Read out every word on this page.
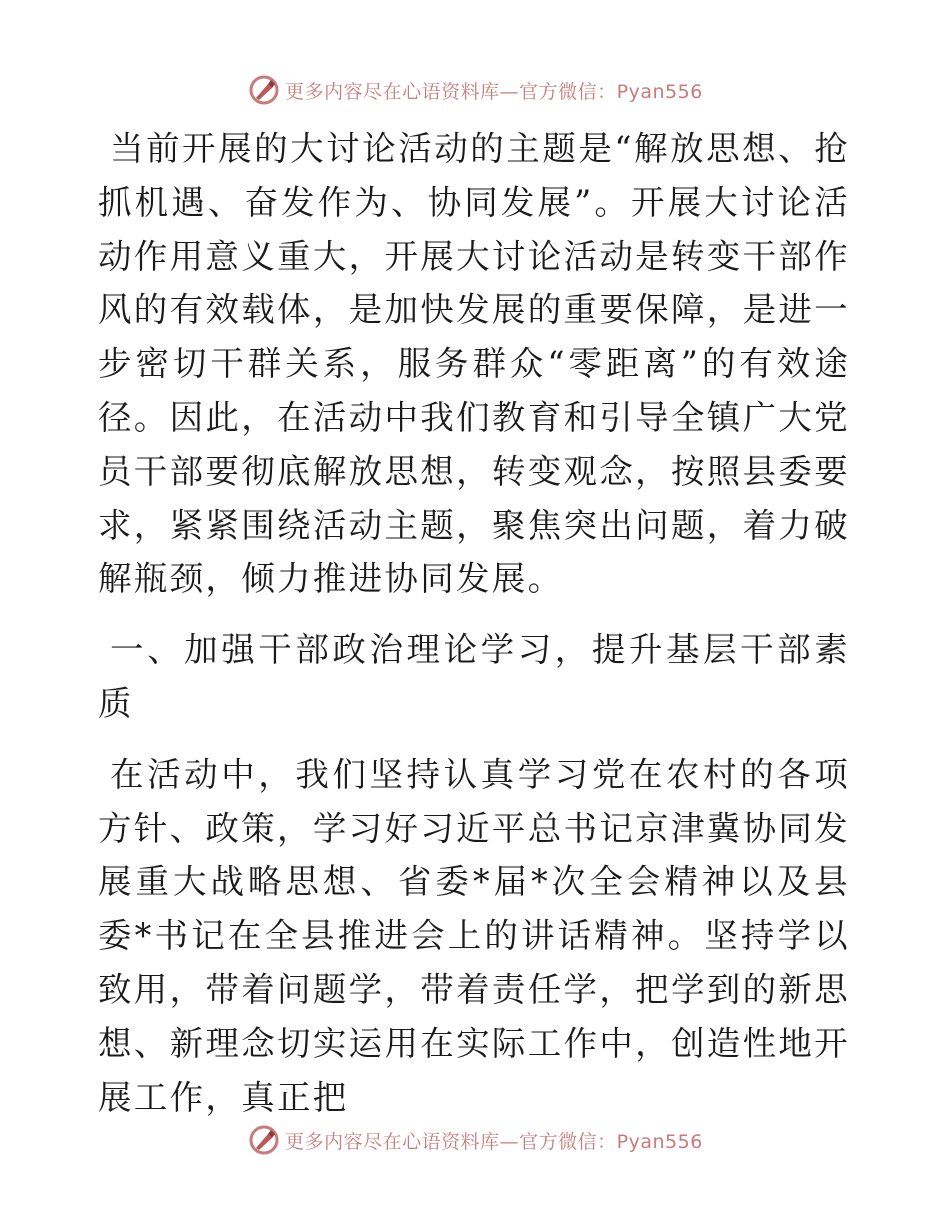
更多内容尽在心语资料库—官方微信：Pyan556

当前开展的大讨论活动的主题是“解放思想、抢抓机遇、奋发作为、协同发展”。开展大讨论活动作用意义重大，开展大讨论活动是转变干部作风的有效载体，是加快发展的重要保障，是进一步密切干群关系，服务群众“零距离”的有效途径。因此，在活动中我们教育和引导全镇广大党员干部要彻底解放思想，转变观念，按照县委要求，紧紧围绕活动主题，聚焦突出问题，着力破解瓶颈，倾力推进协同发展。

一、加强干部政治理论学习，提升基层干部素质

在活动中，我们坚持认真学习党在农村的各项方针、政策，学习好习近平总书记京津冀协同发展重大战略思想、省委*届*次全会精神以及县委*书记在全县推进会上的讲话精神。坚持学以致用，带着问题学，带着责任学，把学到的新思想、新理念切实运用在实际工作中，创造性地开展工作，真正把

更多内容尽在心语资料库—官方微信：Pyan556
